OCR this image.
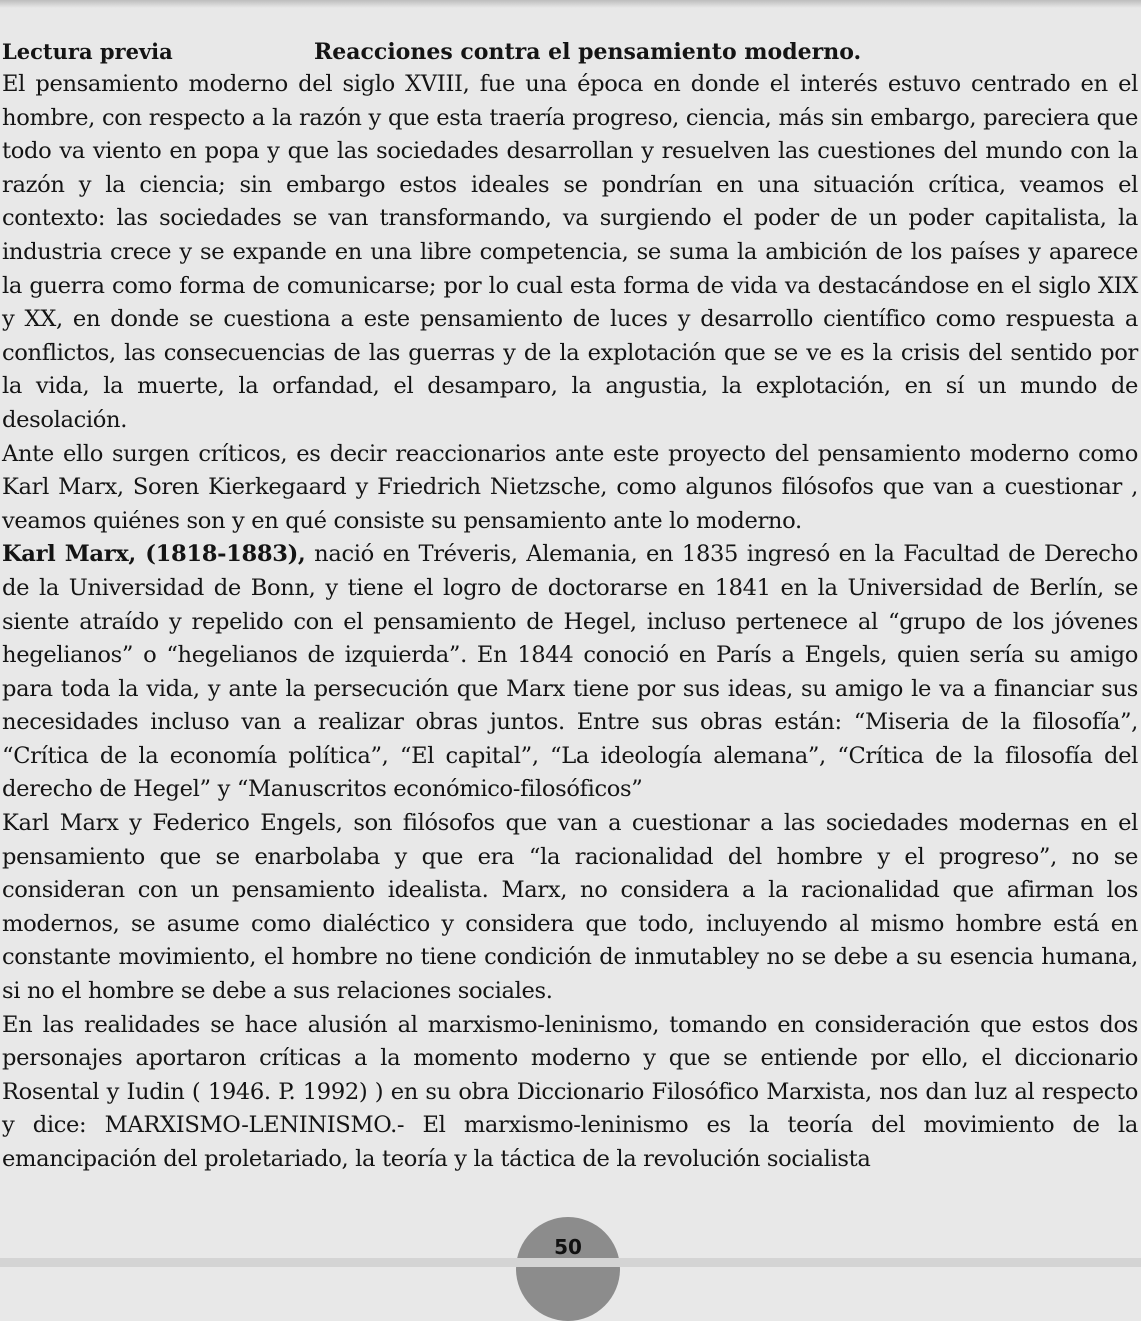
Lectura previa	Reacciones contra el pensamiento moderno.

El pensamiento moderno del siglo XVIII, fue una época en donde el interés estuvo centrado en el hombre, con respecto a la razón y que esta traería progreso, ciencia, más sin embargo, pareciera que todo va viento en popa y que las sociedades desarrollan y resuelven las cuestiones del mundo con la razón y la ciencia; sin embargo estos ideales se pondrían en una situación crítica, veamos el contexto: las sociedades se van transformando, va surgiendo el poder de un poder capitalista, la industria crece y se expande en una libre competencia, se suma la ambición de los países y aparece la guerra como forma de comunicarse; por lo cual esta forma de vida va destacándose en el siglo XIX y XX, en donde se cuestiona a este pensamiento de luces y desarrollo científico como respuesta a conflictos, las consecuencias de las guerras y de la explotación que se ve es la crisis del sentido por la vida, la muerte, la orfandad, el desamparo, la angustia, la explotación, en sí un mundo de desolación.

Ante ello surgen críticos, es decir reaccionarios ante este proyecto del pensamiento moderno como Karl Marx, Soren Kierkegaard y Friedrich Nietzsche, como algunos filósofos que van a cuestionar , veamos quiénes son y en qué consiste su pensamiento ante lo moderno.

Karl Marx, (1818-1883), nació en Tréveris, Alemania, en 1835 ingresó en la Facultad de Derecho de la Universidad de Bonn, y tiene el logro de doctorarse en 1841 en la Universidad de Berlín, se siente atraído y repelido con el pensamiento de Hegel, incluso pertenece al “grupo de los jóvenes hegelianos” o “hegelianos de izquierda”. En 1844 conoció en París a Engels, quien sería su amigo para toda la vida, y ante la persecución que Marx tiene por sus ideas, su amigo le va a financiar sus necesidades incluso van a realizar obras juntos. Entre sus obras están: “Miseria de la filosofía”, “Crítica de la economía política”, “El capital”, “La ideología alemana”, “Crítica de la filosofía del derecho de Hegel” y “Manuscritos económico-filosóficos”

Karl Marx y Federico Engels, son filósofos que van a cuestionar a las sociedades modernas en el pensamiento que se enarbolaba y que era “la racionalidad del hombre y el progreso”, no se consideran con un pensamiento idealista. Marx, no considera a la racionalidad que afirman los modernos, se asume como dialéctico y considera que todo, incluyendo al mismo hombre está en constante movimiento, el hombre no tiene condición de inmutabley no se debe a su esencia humana, si no el hombre se debe a sus relaciones sociales.

En las realidades se hace alusión al marxismo-leninismo, tomando en consideración que estos dos personajes aportaron críticas a la momento moderno y que se entiende por ello, el diccionario Rosental y Iudin ( 1946. P. 1992) ) en su obra Diccionario Filosófico Marxista, nos dan luz al respecto y dice: MARXISMO-LENINISMO.- El marxismo-leninismo es la teoría del movimiento de la emancipación del proletariado, la teoría y la táctica de la revolución socialista

50
